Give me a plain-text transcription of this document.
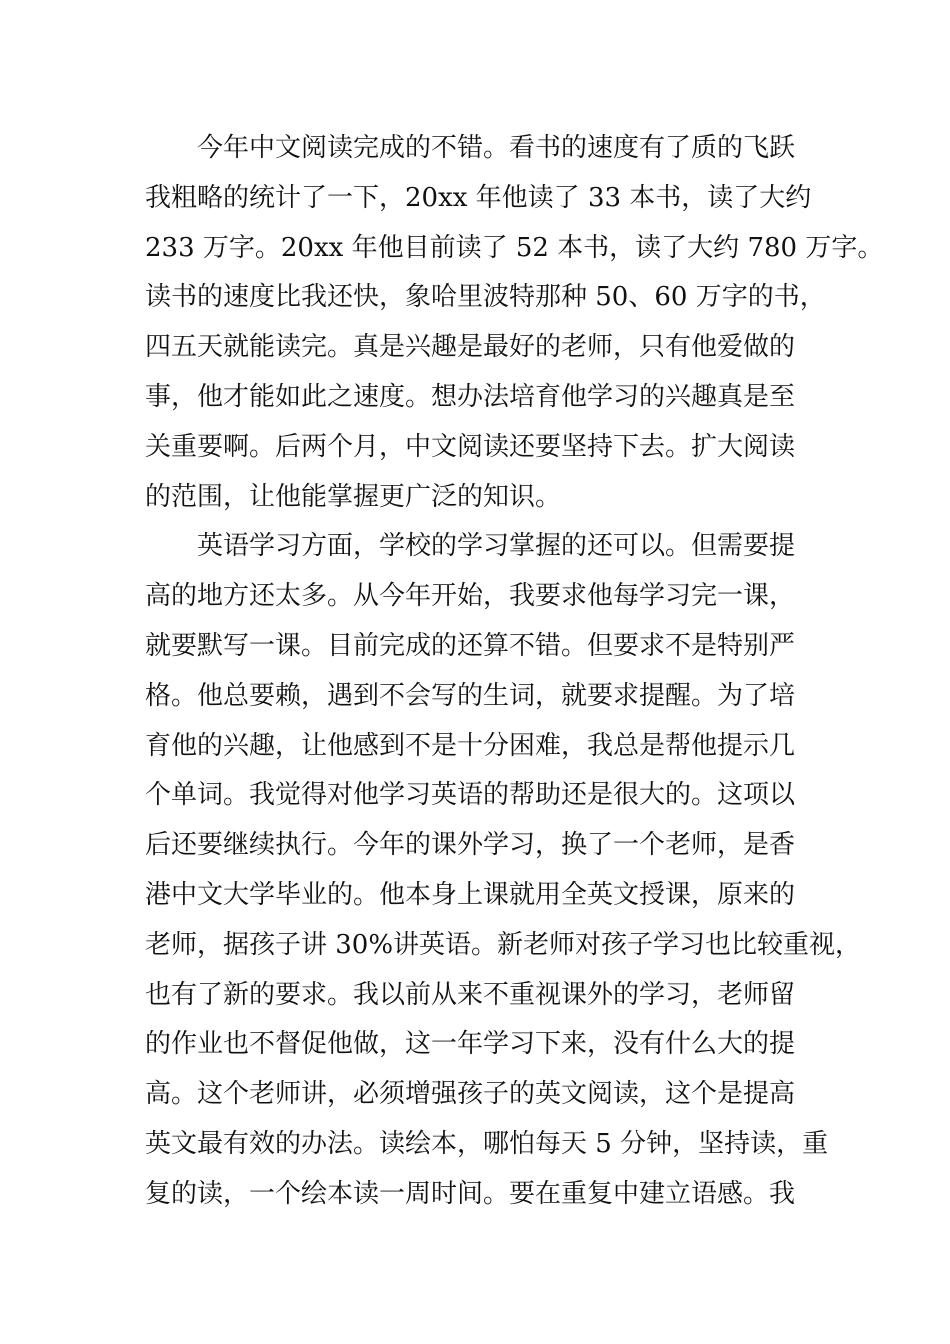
今年中文阅读完成的不错。看书的速度有了质的飞跃
我粗略的统计了一下，20xx 年他读了 33 本书，读了大约
233 万字。20xx 年他目前读了 52 本书，读了大约 780 万字。
读书的速度比我还快，象哈里波特那种 50、60 万字的书，
四五天就能读完。真是兴趣是最好的老师，只有他爱做的
事，他才能如此之速度。想办法培育他学习的兴趣真是至
关重要啊。后两个月，中文阅读还要坚持下去。扩大阅读
的范围，让他能掌握更广泛的知识。
英语学习方面，学校的学习掌握的还可以。但需要提
高的地方还太多。从今年开始，我要求他每学习完一课，
就要默写一课。目前完成的还算不错。但要求不是特别严
格。他总要赖，遇到不会写的生词，就要求提醒。为了培
育他的兴趣，让他感到不是十分困难，我总是帮他提示几
个单词。我觉得对他学习英语的帮助还是很大的。这项以
后还要继续执行。今年的课外学习，换了一个老师，是香
港中文大学毕业的。他本身上课就用全英文授课，原来的
老师，据孩子讲 30%讲英语。新老师对孩子学习也比较重视，
也有了新的要求。我以前从来不重视课外的学习，老师留
的作业也不督促他做，这一年学习下来，没有什么大的提
高。这个老师讲，必须增强孩子的英文阅读，这个是提高
英文最有效的办法。读绘本，哪怕每天 5 分钟，坚持读，重
复的读，一个绘本读一周时间。要在重复中建立语感。我
